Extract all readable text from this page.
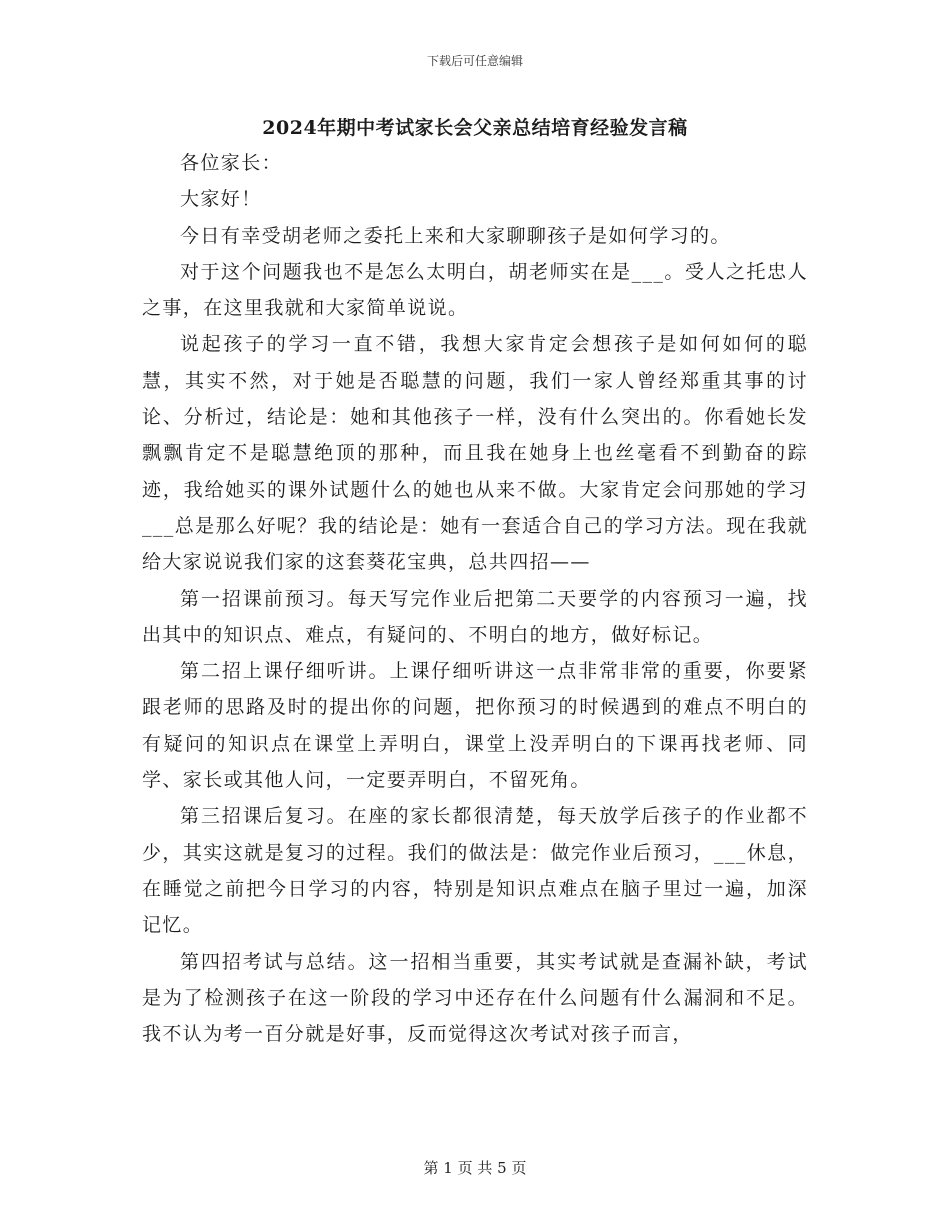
下载后可任意编辑
2024年期中考试家长会父亲总结培育经验发言稿

各位家长：

大家好！

今日有幸受胡老师之委托上来和大家聊聊孩子是如何学习的。

对于这个问题我也不是怎么太明白，胡老师实在是___。受人之托忠人之事，在这里我就和大家简单说说。

说起孩子的学习一直不错，我想大家肯定会想孩子是如何如何的聪慧，其实不然，对于她是否聪慧的问题，我们一家人曾经郑重其事的讨论、分析过，结论是：她和其他孩子一样，没有什么突出的。你看她长发飘飘肯定不是聪慧绝顶的那种，而且我在她身上也丝毫看不到勤奋的踪迹，我给她买的课外试题什么的她也从来不做。大家肯定会问那她的学习___总是那么好呢？我的结论是：她有一套适合自己的学习方法。现在我就给大家说说我们家的这套葵花宝典，总共四招——

第一招课前预习。每天写完作业后把第二天要学的内容预习一遍，找出其中的知识点、难点，有疑问的、不明白的地方，做好标记。

第二招上课仔细听讲。上课仔细听讲这一点非常非常的重要，你要紧跟老师的思路及时的提出你的问题，把你预习的时候遇到的难点不明白的有疑问的知识点在课堂上弄明白，课堂上没弄明白的下课再找老师、同学、家长或其他人问，一定要弄明白，不留死角。

第三招课后复习。在座的家长都很清楚，每天放学后孩子的作业都不少，其实这就是复习的过程。我们的做法是：做完作业后预习，___休息，在睡觉之前把今日学习的内容，特别是知识点难点在脑子里过一遍，加深记忆。

第四招考试与总结。这一招相当重要，其实考试就是查漏补缺，考试是为了检测孩子在这一阶段的学习中还存在什么问题有什么漏洞和不足。我不认为考一百分就是好事，反而觉得这次考试对孩子而言，

第 1 页 共 5 页
